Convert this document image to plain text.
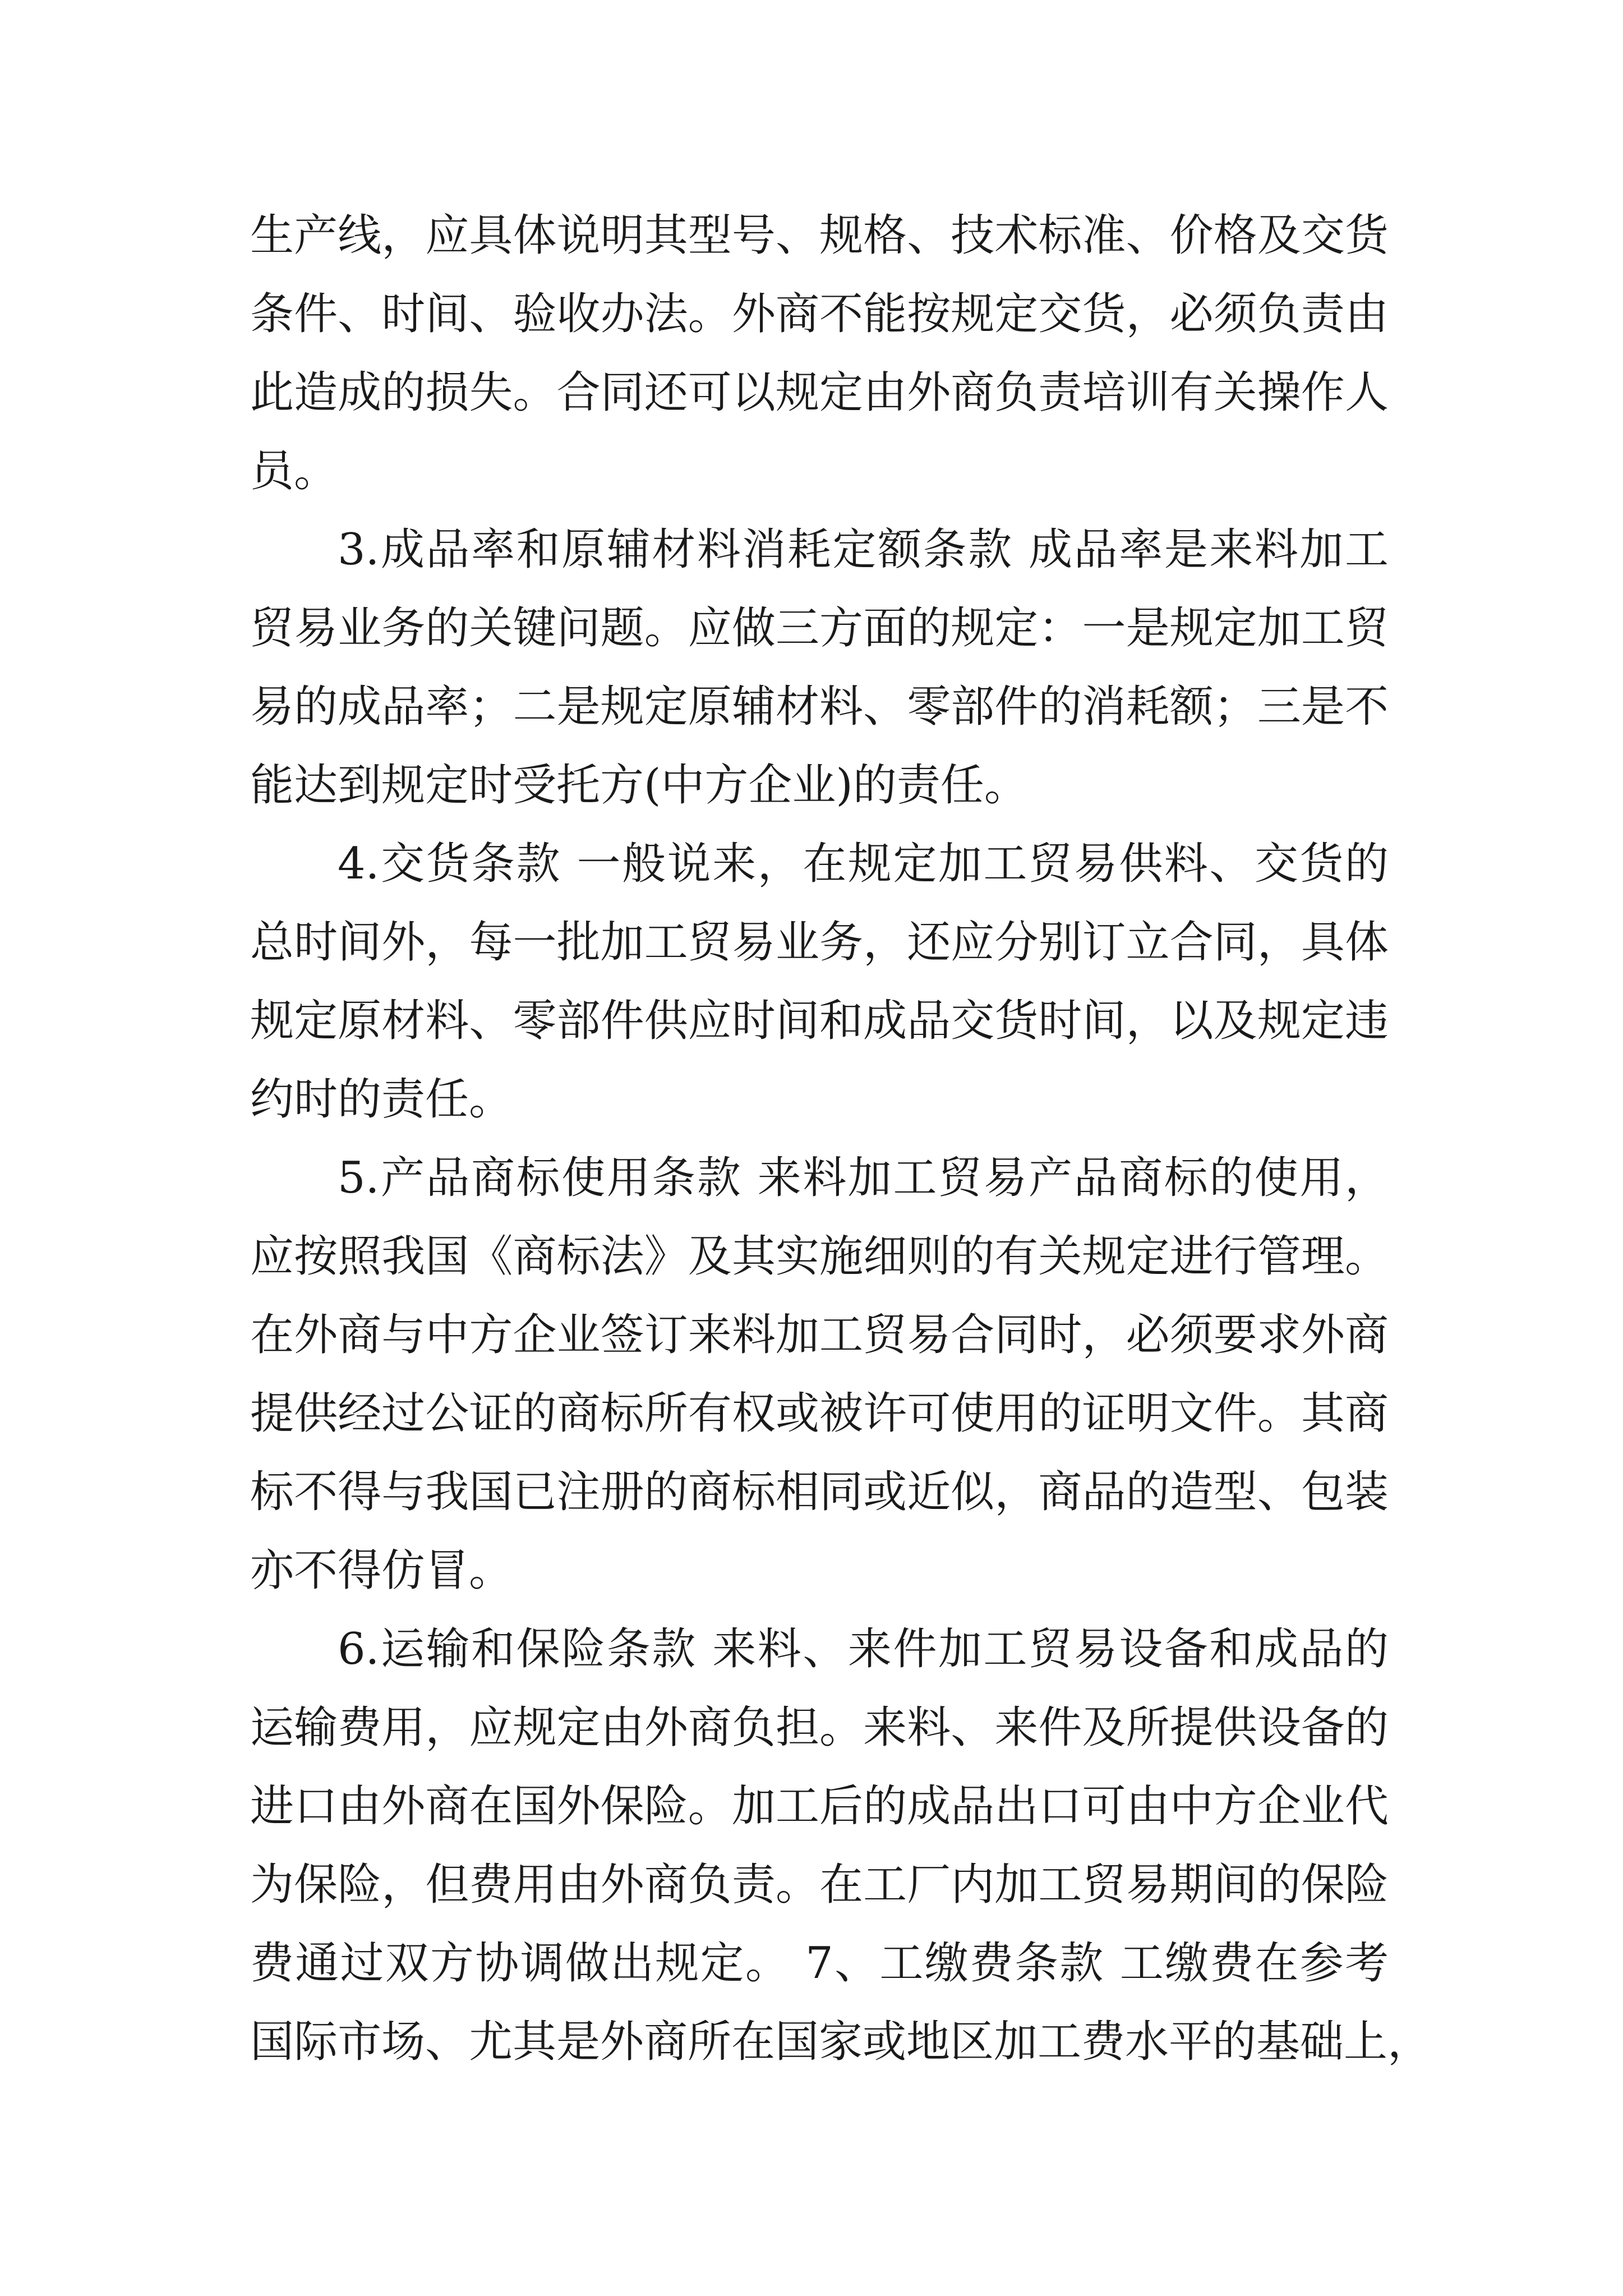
生产线，应具体说明其型号、规格、技术标准、价格及交货
条件、时间、验收办法。外商不能按规定交货，必须负责由
此造成的损失。合同还可以规定由外商负责培训有关操作人
员。
3.成品率和原辅材料消耗定额条款 成品率是来料加工
贸易业务的关键问题。应做三方面的规定：一是规定加工贸
易的成品率；二是规定原辅材料、零部件的消耗额；三是不
能达到规定时受托方(中方企业)的责任。
4.交货条款 一般说来，在规定加工贸易供料、交货的
总时间外，每一批加工贸易业务，还应分别订立合同，具体
规定原材料、零部件供应时间和成品交货时间，以及规定违
约时的责任。
5.产品商标使用条款 来料加工贸易产品商标的使用，
应按照我国《商标法》及其实施细则的有关规定进行管理。
在外商与中方企业签订来料加工贸易合同时，必须要求外商
提供经过公证的商标所有权或被许可使用的证明文件。其商
标不得与我国已注册的商标相同或近似，商品的造型、包装
亦不得仿冒。
6.运输和保险条款 来料、来件加工贸易设备和成品的
运输费用，应规定由外商负担。来料、来件及所提供设备的
进口由外商在国外保险。加工后的成品出口可由中方企业代
为保险，但费用由外商负责。在工厂内加工贸易期间的保险
费通过双方协调做出规定。 7、工缴费条款 工缴费在参考
国际市场、尤其是外商所在国家或地区加工费水平的基础上，
